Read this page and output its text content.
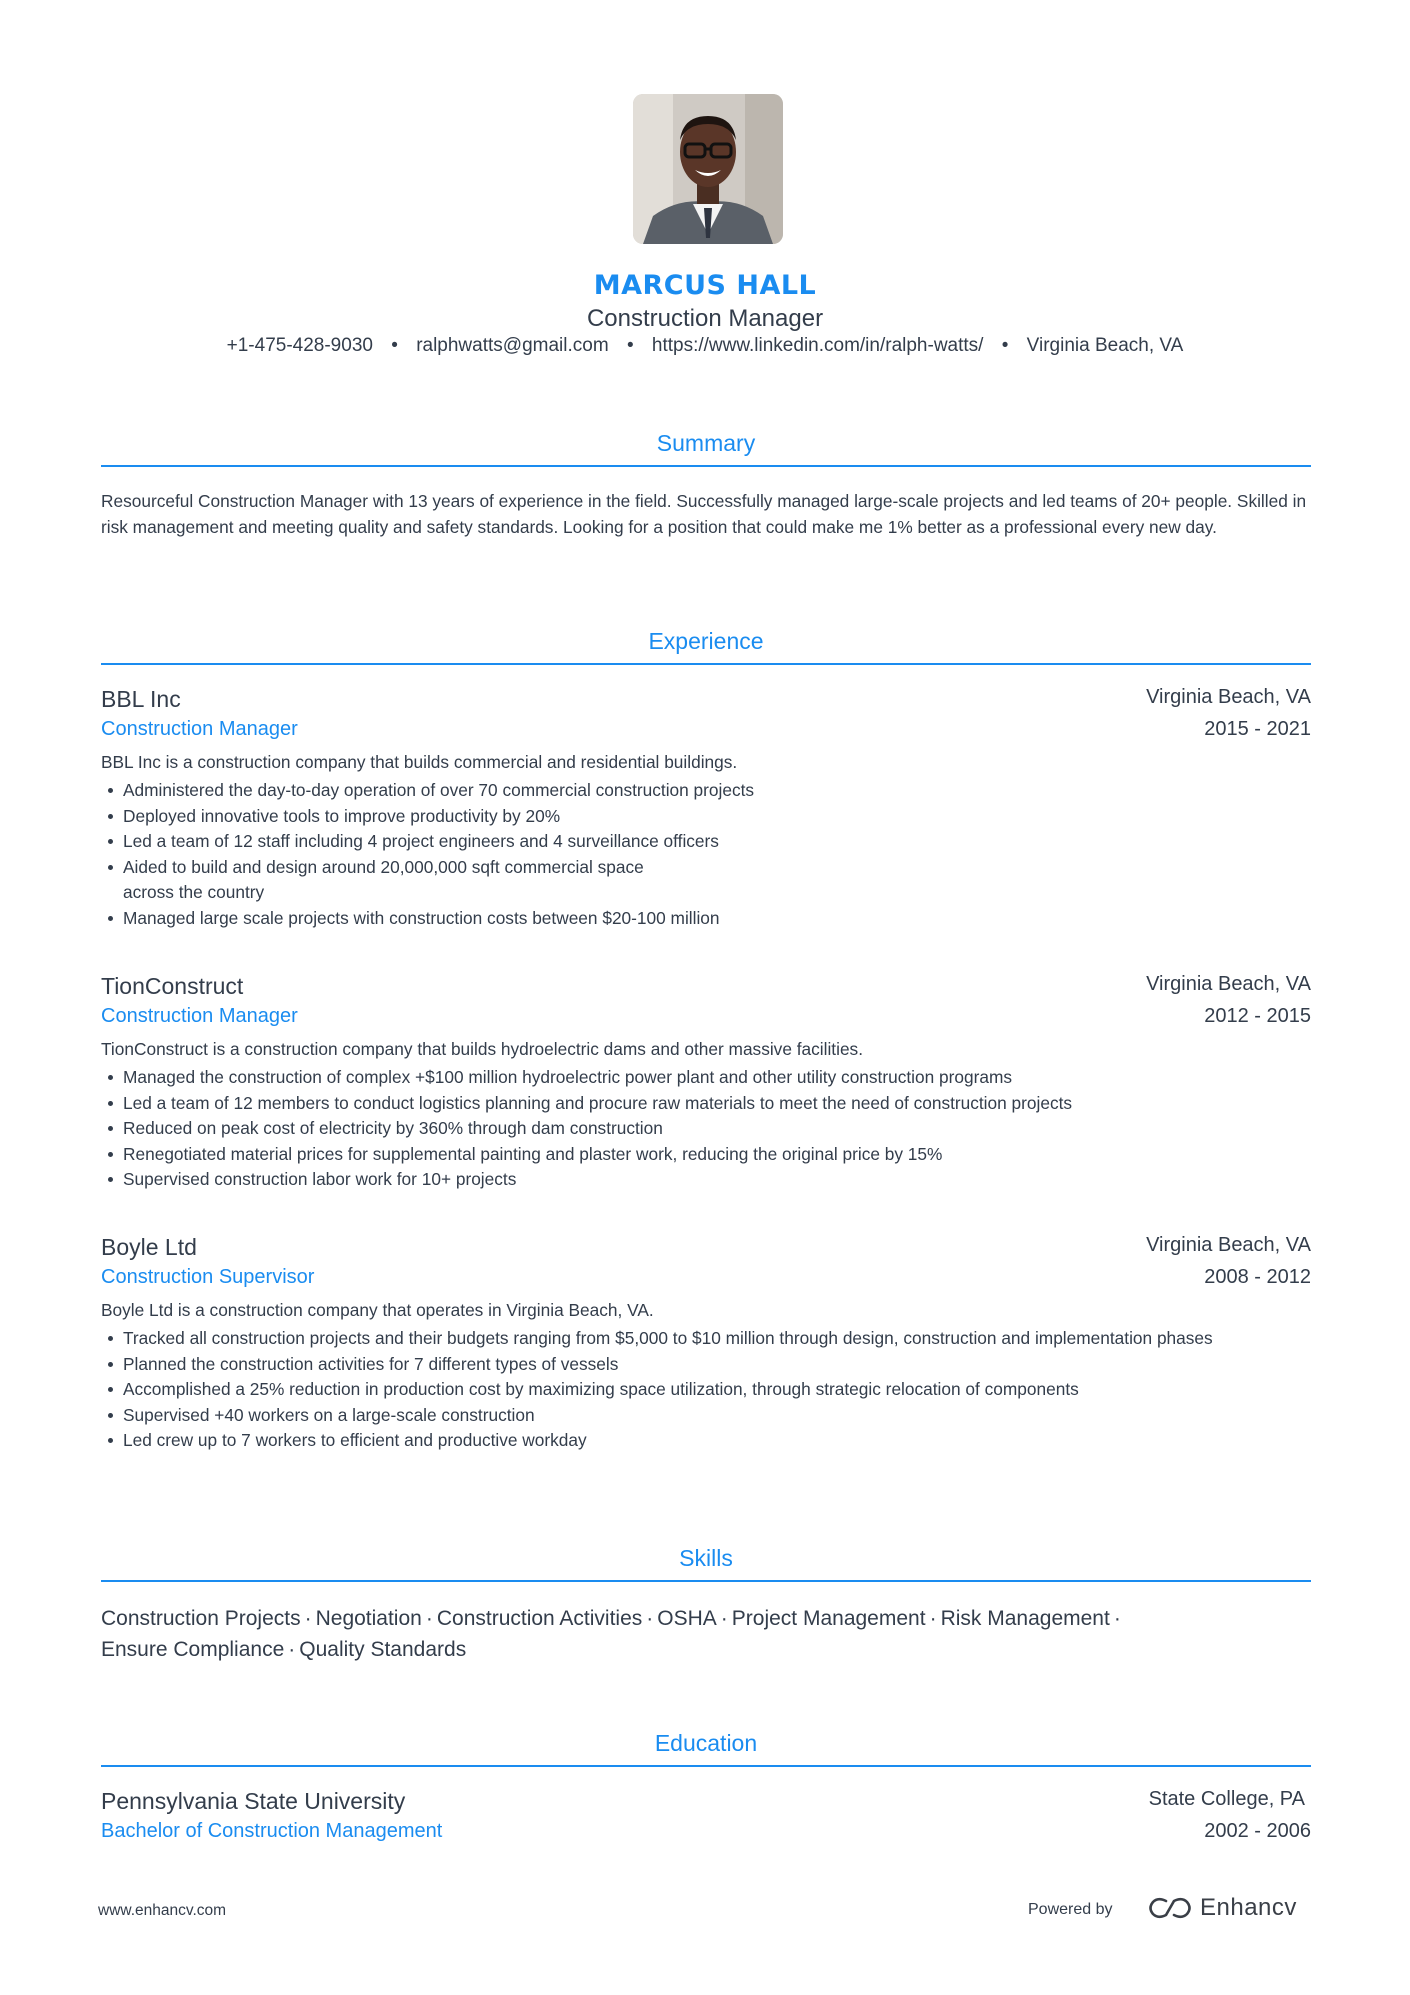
MARCUS HALL
Construction Manager
+1-475-428-9030 • ralphwatts@gmail.com • https://www.linkedin.com/in/ralph-watts/ • Virginia Beach, VA
Summary
Resourceful Construction Manager with 13 years of experience in the field. Successfully managed large-scale projects and led teams of 20+ people. Skilled in risk management and meeting quality and safety standards. Looking for a position that could make me 1% better as a professional every new day.
Experience
BBL Inc	Virginia Beach, VA
Construction Manager	2015 - 2021
BBL Inc is a construction company that builds commercial and residential buildings.
Administered the day-to-day operation of over 70 commercial construction projects
Deployed innovative tools to improve productivity by 20%
Led a team of 12 staff including 4 project engineers and 4 surveillance officers
Aided to build and design around 20,000,000 sqft commercial space
across the country
Managed large scale projects with construction costs between $20-100 million
TionConstruct	Virginia Beach, VA
Construction Manager	2012 - 2015
TionConstruct is a construction company that builds hydroelectric dams and other massive facilities.
Managed the construction of complex +$100 million hydroelectric power plant and other utility construction programs
Led a team of 12 members to conduct logistics planning and procure raw materials to meet the need of construction projects
Reduced on peak cost of electricity by 360% through dam construction
Renegotiated material prices for supplemental painting and plaster work, reducing the original price by 15%
Supervised construction labor work for 10+ projects
Boyle Ltd	Virginia Beach, VA
Construction Supervisor	2008 - 2012
Boyle Ltd is a construction company that operates in Virginia Beach, VA.
Tracked all construction projects and their budgets ranging from $5,000 to $10 million through design, construction and implementation phases
Planned the construction activities for 7 different types of vessels
Accomplished a 25% reduction in production cost by maximizing space utilization, through strategic relocation of components
Supervised +40 workers on a large-scale construction
Led crew up to 7 workers to efficient and productive workday
Skills
Construction Projects · Negotiation · Construction Activities · OSHA · Project Management · Risk Management ·
Ensure Compliance · Quality Standards
Education
Pennsylvania State University	State College, PA
Bachelor of Construction Management	2002 - 2006
www.enhancv.com	Powered by	Enhancv
